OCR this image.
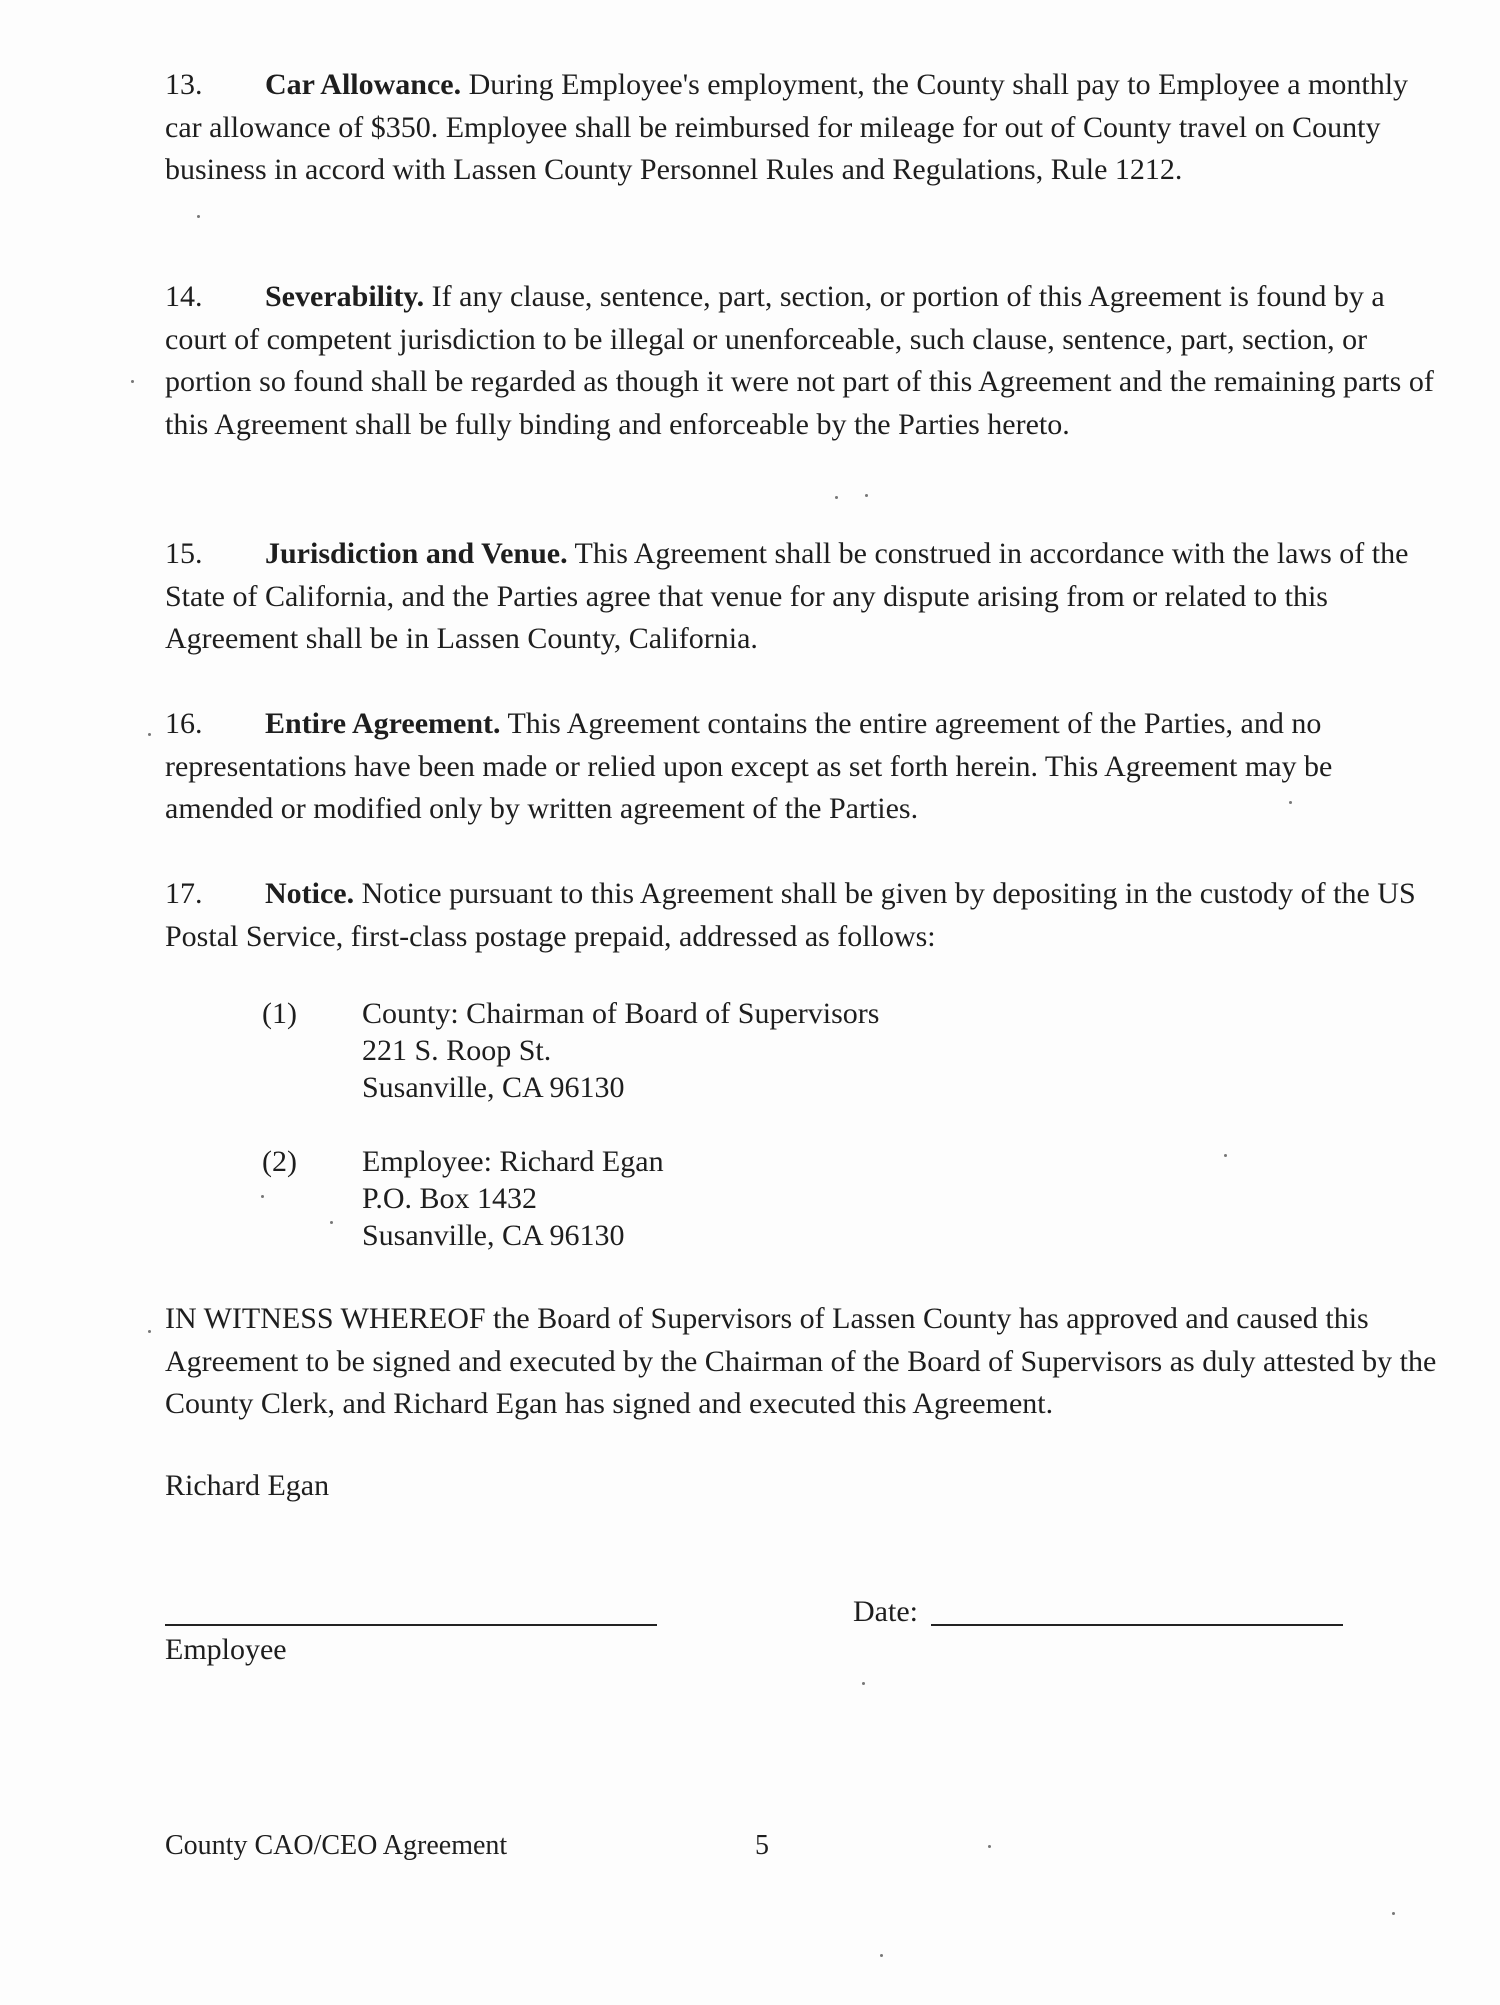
13. Car Allowance. During Employee's employment, the County shall pay to Employee a monthly car allowance of $350. Employee shall be reimbursed for mileage for out of County travel on County business in accord with Lassen County Personnel Rules and Regulations, Rule 1212.

14. Severability. If any clause, sentence, part, section, or portion of this Agreement is found by a court of competent jurisdiction to be illegal or unenforceable, such clause, sentence, part, section, or portion so found shall be regarded as though it were not part of this Agreement and the remaining parts of this Agreement shall be fully binding and enforceable by the Parties hereto.

15. Jurisdiction and Venue. This Agreement shall be construed in accordance with the laws of the State of California, and the Parties agree that venue for any dispute arising from or related to this Agreement shall be in Lassen County, California.

16. Entire Agreement. This Agreement contains the entire agreement of the Parties, and no representations have been made or relied upon except as set forth herein. This Agreement may be amended or modified only by written agreement of the Parties.

17. Notice. Notice pursuant to this Agreement shall be given by depositing in the custody of the US Postal Service, first-class postage prepaid, addressed as follows:

(1) County: Chairman of Board of Supervisors
221 S. Roop St.
Susanville, CA 96130
(2) Employee: Richard Egan
P.O. Box 1432
Susanville, CA 96130

IN WITNESS WHEREOF the Board of Supervisors of Lassen County has approved and caused this Agreement to be signed and executed by the Chairman of the Board of Supervisors as duly attested by the County Clerk, and Richard Egan has signed and executed this Agreement.

Richard Egan
Employee
Date:
County CAO/CEO Agreement	5
